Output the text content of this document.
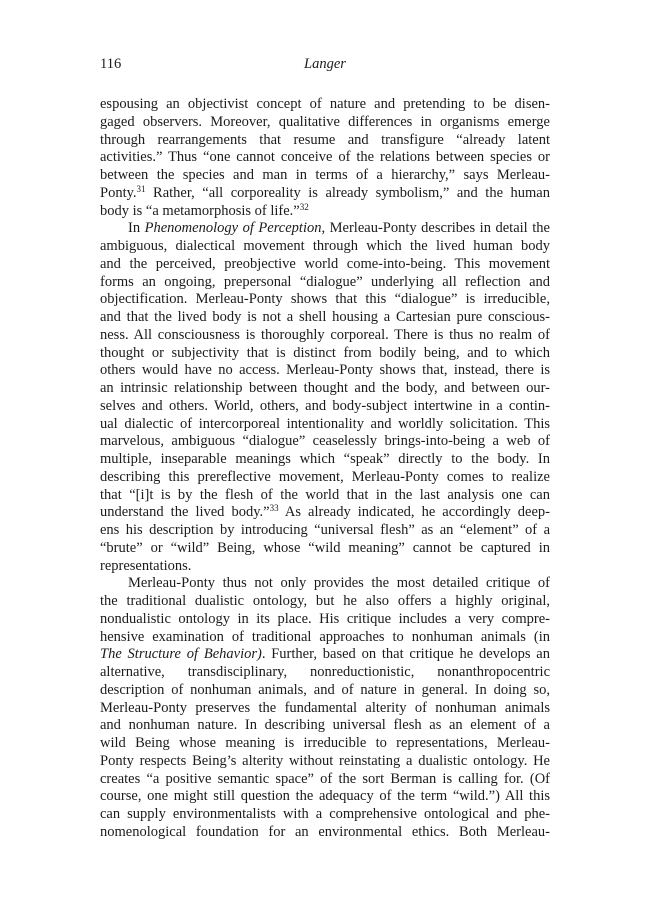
116	Langer
espousing an objectivist concept of nature and pretending to be disen-
gaged observers. Moreover, qualitative differences in organisms emerge
through rearrangements that resume and transfigure “already latent
activities.” Thus “one cannot conceive of the relations between species or
between the species and man in terms of a hierarchy,” says Merleau-
Ponty.$^{31}$ Rather, “all corporeality is already symbolism,” and the human
body is “a metamorphosis of life.”$^{32}$
In Phenomenology of Perception, Merleau-Ponty describes in detail the
ambiguous, dialectical movement through which the lived human body
and the perceived, preobjective world come-into-being. This movement
forms an ongoing, prepersonal “dialogue” underlying all reflection and
objectification. Merleau-Ponty shows that this “dialogue” is irreducible,
and that the lived body is not a shell housing a Cartesian pure conscious-
ness. All consciousness is thoroughly corporeal. There is thus no realm of
thought or subjectivity that is distinct from bodily being, and to which
others would have no access. Merleau-Ponty shows that, instead, there is
an intrinsic relationship between thought and the body, and between our-
selves and others. World, others, and body-subject intertwine in a contin-
ual dialectic of intercorporeal intentionality and worldly solicitation. This
marvelous, ambiguous “dialogue” ceaselessly brings-into-being a web of
multiple, inseparable meanings which “speak” directly to the body. In
describing this prereflective movement, Merleau-Ponty comes to realize
that “[i]t is by the flesh of the world that in the last analysis one can
understand the lived body.”$^{33}$ As already indicated, he accordingly deep-
ens his description by introducing “universal flesh” as an “element” of a
“brute” or “wild” Being, whose “wild meaning” cannot be captured in
representations.
Merleau-Ponty thus not only provides the most detailed critique of
the traditional dualistic ontology, but he also offers a highly original,
nondualistic ontology in its place. His critique includes a very compre-
hensive examination of traditional approaches to nonhuman animals (in
The Structure of Behavior). Further, based on that critique he develops an
alternative, transdisciplinary, nonreductionistic, nonanthropocentric
description of nonhuman animals, and of nature in general. In doing so,
Merleau-Ponty preserves the fundamental alterity of nonhuman animals
and nonhuman nature. In describing universal flesh as an element of a
wild Being whose meaning is irreducible to representations, Merleau-
Ponty respects Being’s alterity without reinstating a dualistic ontology. He
creates “a positive semantic space” of the sort Berman is calling for. (Of
course, one might still question the adequacy of the term “wild.”) All this
can supply environmentalists with a comprehensive ontological and phe-
nomenological foundation for an environmental ethics. Both Merleau-
